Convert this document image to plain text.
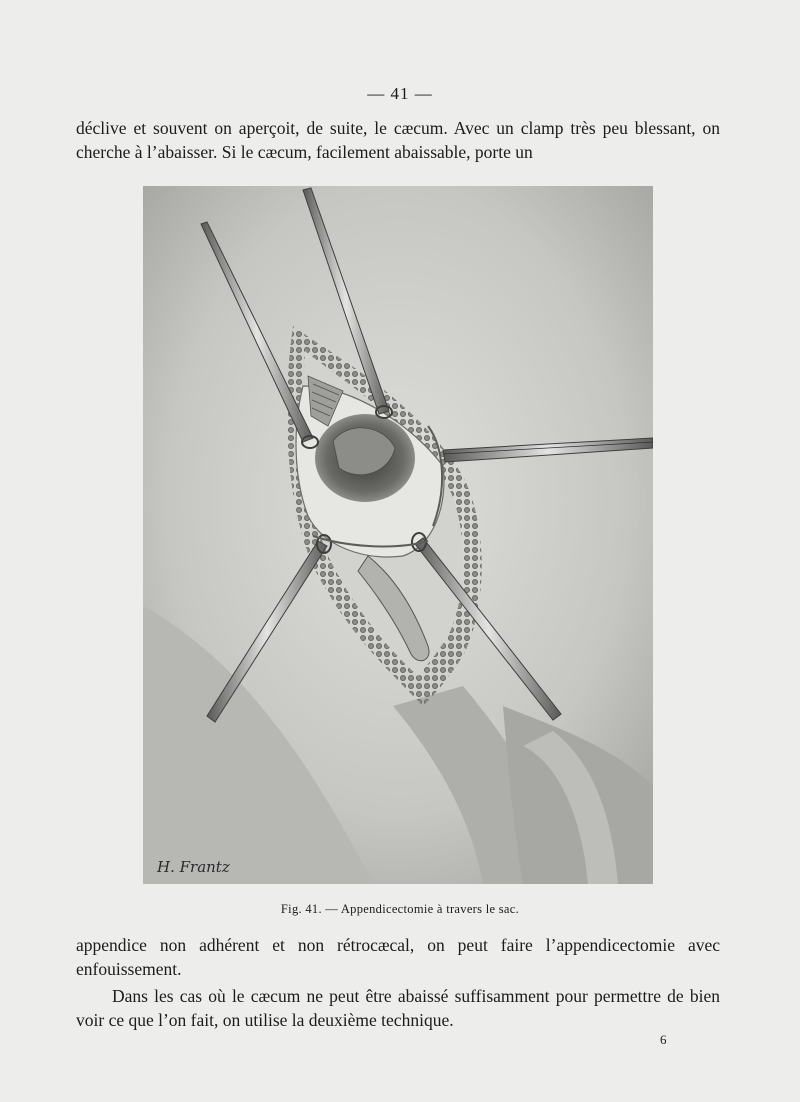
— 41 —

déclive et souvent on aperçoit, de suite, le cæcum. Avec un clamp très peu blessant, on cherche à l’abaisser. Si le cæcum, facilement abaissable, porte un

H. Frantz
Fig. 41. — Appendicectomie à travers le sac.

appendice non adhérent et non rétrocæcal, on peut faire l’appendicectomie avec enfouissement.

Dans les cas où le cæcum ne peut être abaissé suffisamment pour permettre de bien voir ce que l’on fait, on utilise la deuxième technique.

6
